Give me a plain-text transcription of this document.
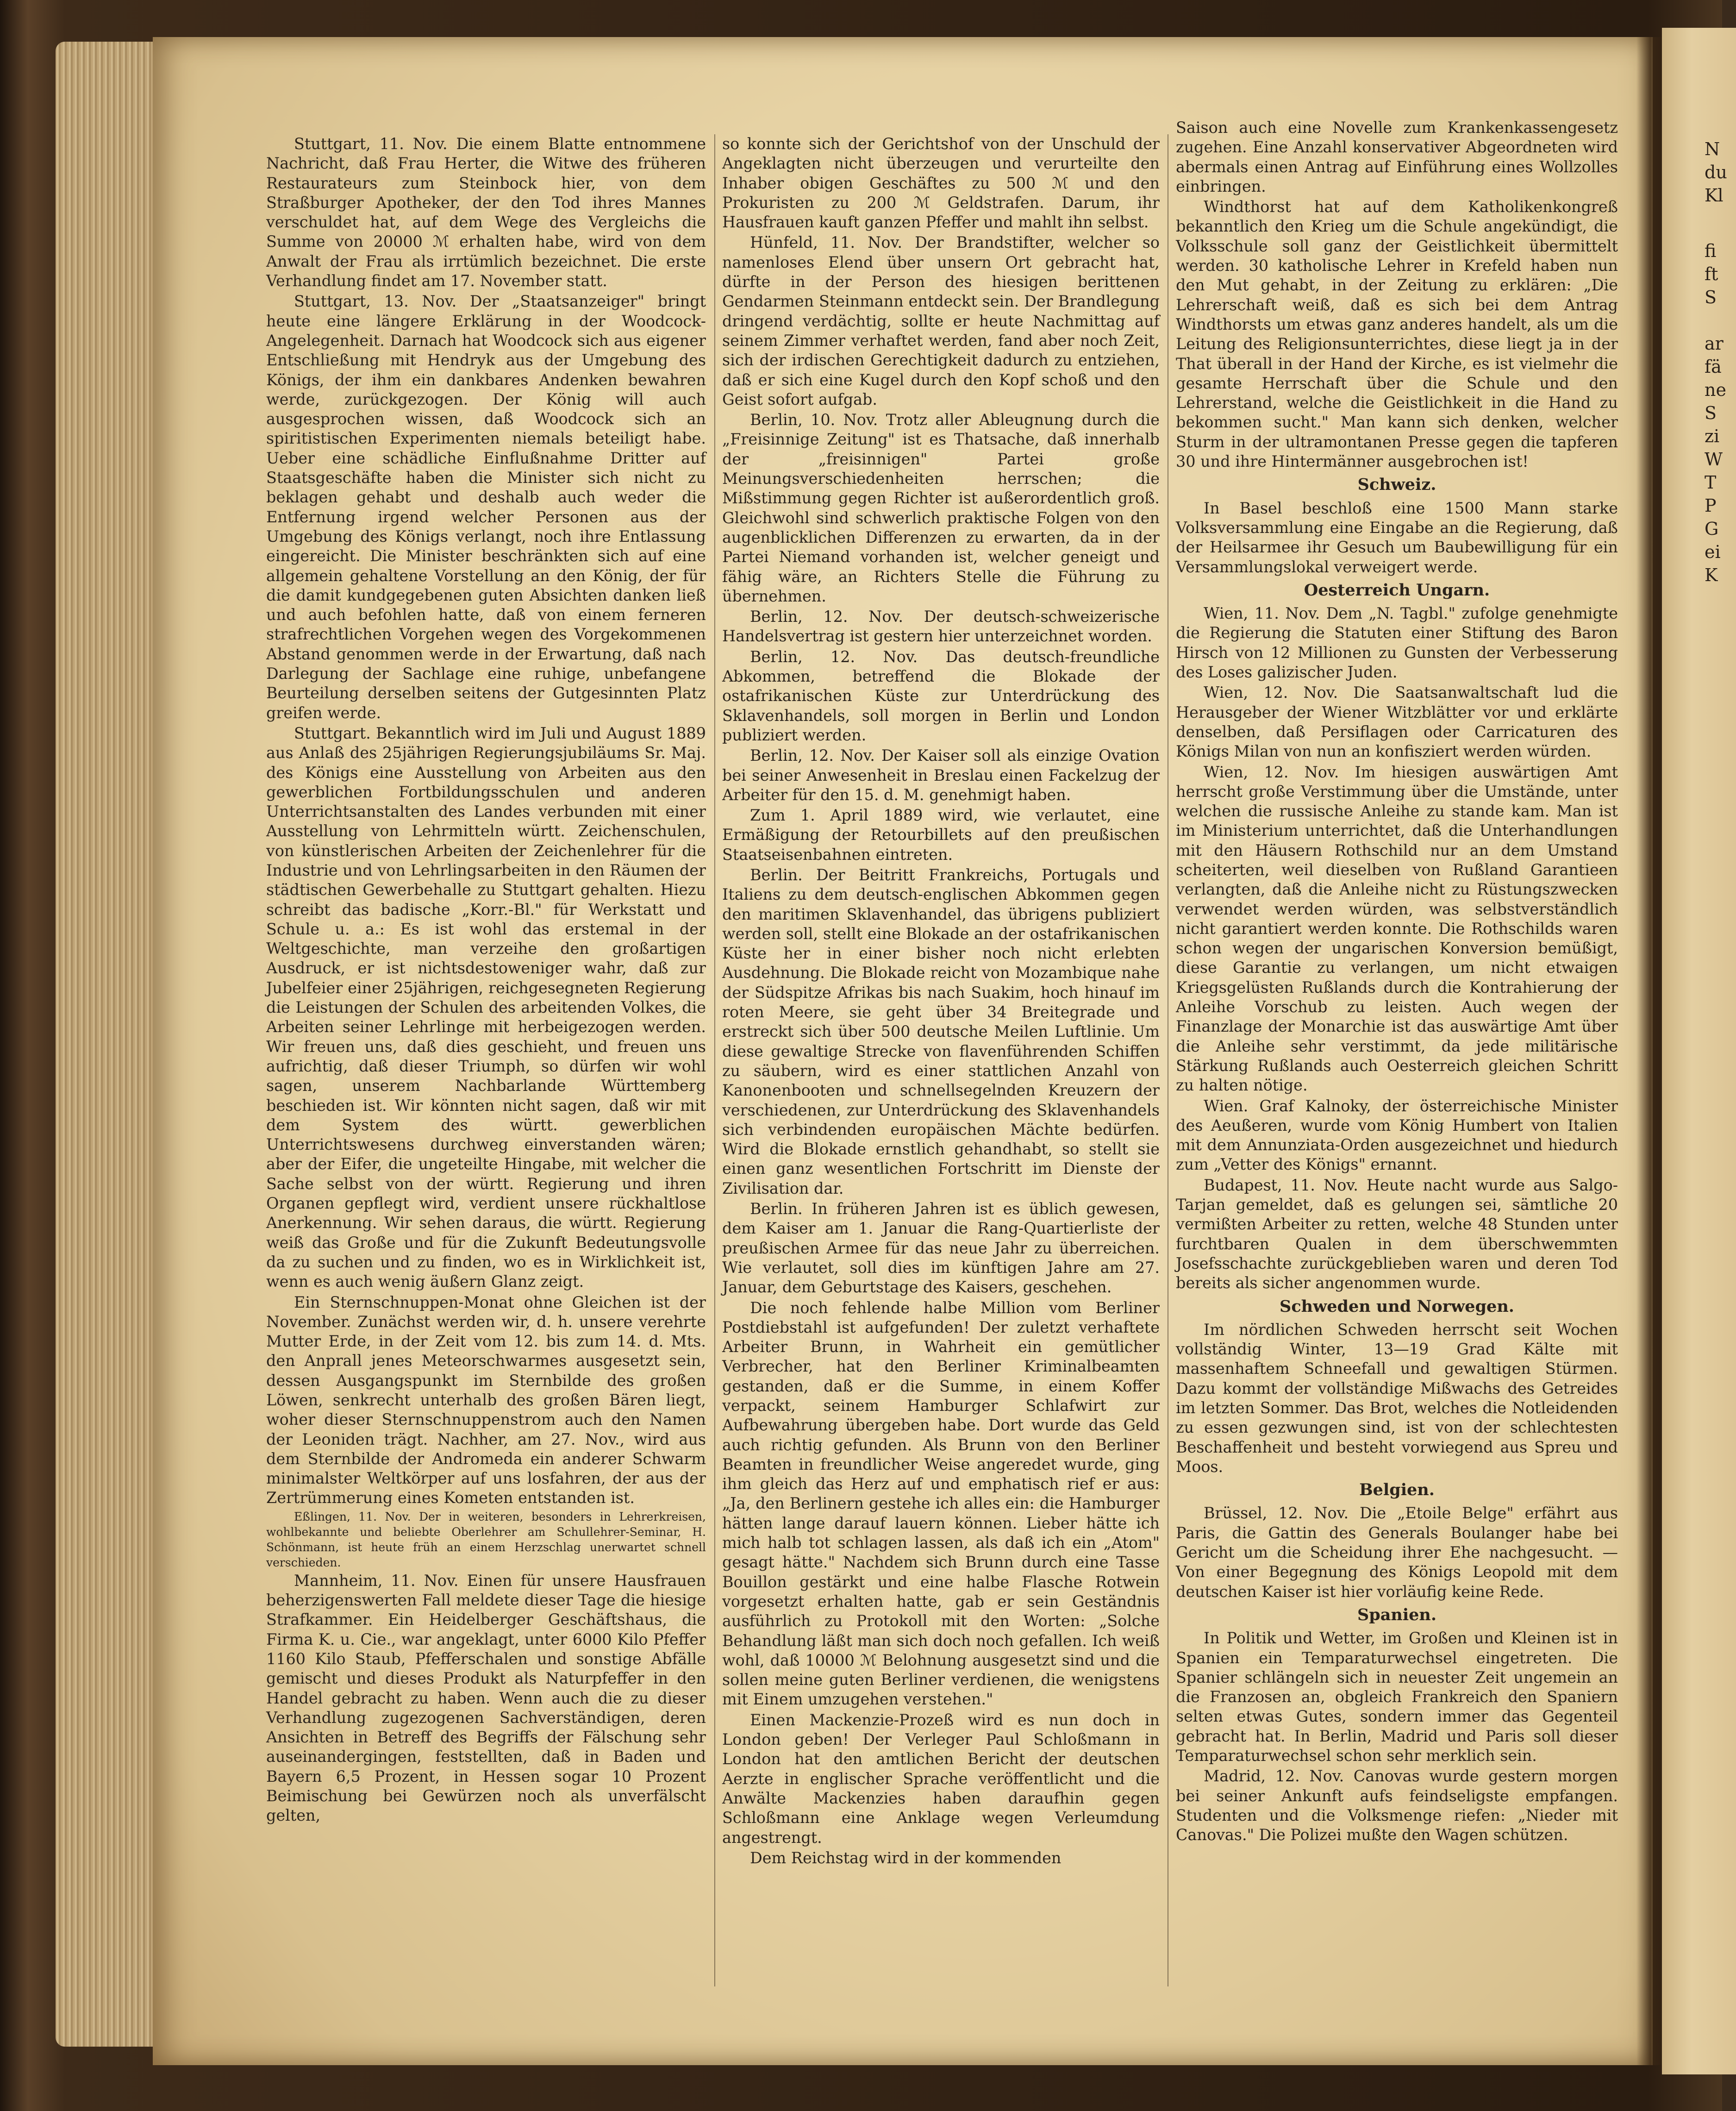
N
du
Kl
fi
ft
S
ar
fä
ne
S
zi
W
T
P
G
ei
K

Stuttgart, 11. Nov. Die einem Blatte entnommene Nachricht, daß Frau Herter, die Witwe des früheren Restaurateurs zum Steinbock hier, von dem Straßburger Apotheker, der den Tod ihres Mannes verschuldet hat, auf dem Wege des Vergleichs die Summe von 20000 ℳ erhalten habe, wird von dem Anwalt der Frau als irrtümlich bezeichnet. Die erste Verhandlung findet am 17. November statt.

Stuttgart, 13. Nov. Der „Staatsanzeiger" bringt heute eine längere Erklärung in der Woodcock-Angelegenheit. Darnach hat Woodcock sich aus eigener Entschließung mit Hendryk aus der Umgebung des Königs, der ihm ein dankbares Andenken bewahren werde, zurückgezogen. Der König will auch ausgesprochen wissen, daß Woodcock sich an spiritistischen Experimenten niemals beteiligt habe. Ueber eine schädliche Einflußnahme Dritter auf Staatsgeschäfte haben die Minister sich nicht zu beklagen gehabt und deshalb auch weder die Entfernung irgend welcher Personen aus der Umgebung des Königs verlangt, noch ihre Entlassung eingereicht. Die Minister beschränkten sich auf eine allgemein gehaltene Vorstellung an den König, der für die damit kundgegebenen guten Absichten danken ließ und auch befohlen hatte, daß von einem ferneren strafrechtlichen Vorgehen wegen des Vorgekommenen Abstand genommen werde in der Erwartung, daß nach Darlegung der Sachlage eine ruhige, unbefangene Beurteilung derselben seitens der Gutgesinnten Platz greifen werde.

Stuttgart. Bekanntlich wird im Juli und August 1889 aus Anlaß des 25jährigen Regierungsjubiläums Sr. Maj. des Königs eine Ausstellung von Arbeiten aus den gewerblichen Fortbildungsschulen und anderen Unterrichtsanstalten des Landes verbunden mit einer Ausstellung von Lehrmitteln württ. Zeichenschulen, von künstlerischen Arbeiten der Zeichenlehrer für die Industrie und von Lehrlingsarbeiten in den Räumen der städtischen Gewerbehalle zu Stuttgart gehalten. Hiezu schreibt das badische „Korr.-Bl." für Werkstatt und Schule u. a.: Es ist wohl das erstemal in der Weltgeschichte, man verzeihe den großartigen Ausdruck, er ist nichtsdestoweniger wahr, daß zur Jubelfeier einer 25jährigen, reichgesegneten Regierung die Leistungen der Schulen des arbeitenden Volkes, die Arbeiten seiner Lehrlinge mit herbeigezogen werden. Wir freuen uns, daß dies geschieht, und freuen uns aufrichtig, daß dieser Triumph, so dürfen wir wohl sagen, unserem Nachbarlande Württemberg beschieden ist. Wir könnten nicht sagen, daß wir mit dem System des württ. gewerblichen Unterrichtswesens durchweg einverstanden wären; aber der Eifer, die ungeteilte Hingabe, mit welcher die Sache selbst von der württ. Regierung und ihren Organen gepflegt wird, verdient unsere rückhaltlose Anerkennung. Wir sehen daraus, die württ. Regierung weiß das Große und für die Zukunft Bedeutungsvolle da zu suchen und zu finden, wo es in Wirklichkeit ist, wenn es auch wenig äußern Glanz zeigt.

Ein Sternschnuppen-Monat ohne Gleichen ist der November. Zunächst werden wir, d. h. unsere verehrte Mutter Erde, in der Zeit vom 12. bis zum 14. d. Mts. den Anprall jenes Meteorschwarmes ausgesetzt sein, dessen Ausgangspunkt im Sternbilde des großen Löwen, senkrecht unterhalb des großen Bären liegt, woher dieser Sternschnuppenstrom auch den Namen der Leoniden trägt. Nachher, am 27. Nov., wird aus dem Sternbilde der Andromeda ein anderer Schwarm minimalster Weltkörper auf uns losfahren, der aus der Zertrümmerung eines Kometen entstanden ist.

Eßlingen, 11. Nov. Der in weiteren, besonders in Lehrerkreisen, wohlbekannte und beliebte Oberlehrer am Schullehrer-Seminar, H. Schönmann, ist heute früh an einem Herzschlag unerwartet schnell verschieden.

Mannheim, 11. Nov. Einen für unsere Hausfrauen beherzigenswerten Fall meldete dieser Tage die hiesige Strafkammer. Ein Heidelberger Geschäftshaus, die Firma K. u. Cie., war angeklagt, unter 6000 Kilo Pfeffer 1160 Kilo Staub, Pfefferschalen und sonstige Abfälle gemischt und dieses Produkt als Naturpfeffer in den Handel gebracht zu haben. Wenn auch die zu dieser Verhandlung zugezogenen Sachverständigen, deren Ansichten in Betreff des Begriffs der Fälschung sehr auseinandergingen, feststellten, daß in Baden und Bayern 6,5 Prozent, in Hessen sogar 10 Prozent Beimischung bei Gewürzen noch als unverfälscht gelten,

so konnte sich der Gerichtshof von der Unschuld der Angeklagten nicht überzeugen und verurteilte den Inhaber obigen Geschäftes zu 500 ℳ und den Prokuristen zu 200 ℳ Geldstrafen. Darum, ihr Hausfrauen kauft ganzen Pfeffer und mahlt ihn selbst.

Hünfeld, 11. Nov. Der Brandstifter, welcher so namenloses Elend über unsern Ort gebracht hat, dürfte in der Person des hiesigen berittenen Gendarmen Steinmann entdeckt sein. Der Brandlegung dringend verdächtig, sollte er heute Nachmittag auf seinem Zimmer verhaftet werden, fand aber noch Zeit, sich der irdischen Gerechtigkeit dadurch zu entziehen, daß er sich eine Kugel durch den Kopf schoß und den Geist sofort aufgab.

Berlin, 10. Nov. Trotz aller Ableugnung durch die „Freisinnige Zeitung" ist es Thatsache, daß innerhalb der „freisinnigen" Partei große Meinungsverschiedenheiten herrschen; die Mißstimmung gegen Richter ist außerordentlich groß. Gleichwohl sind schwerlich praktische Folgen von den augenblicklichen Differenzen zu erwarten, da in der Partei Niemand vorhanden ist, welcher geneigt und fähig wäre, an Richters Stelle die Führung zu übernehmen.

Berlin, 12. Nov. Der deutsch-schweizerische Handelsvertrag ist gestern hier unterzeichnet worden.

Berlin, 12. Nov. Das deutsch-freundliche Abkommen, betreffend die Blokade der ostafrikanischen Küste zur Unterdrückung des Sklavenhandels, soll morgen in Berlin und London publiziert werden.

Berlin, 12. Nov. Der Kaiser soll als einzige Ovation bei seiner Anwesenheit in Breslau einen Fackelzug der Arbeiter für den 15. d. M. genehmigt haben.

Zum 1. April 1889 wird, wie verlautet, eine Ermäßigung der Retourbillets auf den preußischen Staatseisenbahnen eintreten.

Berlin. Der Beitritt Frankreichs, Portugals und Italiens zu dem deutsch-englischen Abkommen gegen den maritimen Sklavenhandel, das übrigens publiziert werden soll, stellt eine Blokade an der ostafrikanischen Küste her in einer bisher noch nicht erlebten Ausdehnung. Die Blokade reicht von Mozambique nahe der Südspitze Afrikas bis nach Suakim, hoch hinauf im roten Meere, sie geht über 34 Breitegrade und erstreckt sich über 500 deutsche Meilen Luftlinie. Um diese gewaltige Strecke von flavenführenden Schiffen zu säubern, wird es einer stattlichen Anzahl von Kanonenbooten und schnellsegelnden Kreuzern der verschiedenen, zur Unterdrückung des Sklavenhandels sich verbindenden europäischen Mächte bedürfen. Wird die Blokade ernstlich gehandhabt, so stellt sie einen ganz wesentlichen Fortschritt im Dienste der Zivilisation dar.

Berlin. In früheren Jahren ist es üblich gewesen, dem Kaiser am 1. Januar die Rang-Quartierliste der preußischen Armee für das neue Jahr zu überreichen. Wie verlautet, soll dies im künftigen Jahre am 27. Januar, dem Geburtstage des Kaisers, geschehen.

Die noch fehlende halbe Million vom Berliner Postdiebstahl ist aufgefunden! Der zuletzt verhaftete Arbeiter Brunn, in Wahrheit ein gemütlicher Verbrecher, hat den Berliner Kriminalbeamten gestanden, daß er die Summe, in einem Koffer verpackt, seinem Hamburger Schlafwirt zur Aufbewahrung übergeben habe. Dort wurde das Geld auch richtig gefunden. Als Brunn von den Berliner Beamten in freundlicher Weise angeredet wurde, ging ihm gleich das Herz auf und emphatisch rief er aus: „Ja, den Berlinern gestehe ich alles ein: die Hamburger hätten lange darauf lauern können. Lieber hätte ich mich halb tot schlagen lassen, als daß ich ein „Atom" gesagt hätte." Nachdem sich Brunn durch eine Tasse Bouillon gestärkt und eine halbe Flasche Rotwein vorgesetzt erhalten hatte, gab er sein Geständnis ausführlich zu Protokoll mit den Worten: „Solche Behandlung läßt man sich doch noch gefallen. Ich weiß wohl, daß 10000 ℳ Belohnung ausgesetzt sind und die sollen meine guten Berliner verdienen, die wenigstens mit Einem umzugehen verstehen."

Einen Mackenzie-Prozeß wird es nun doch in London geben! Der Verleger Paul Schloßmann in London hat den amtlichen Bericht der deutschen Aerzte in englischer Sprache veröffentlicht und die Anwälte Mackenzies haben daraufhin gegen Schloßmann eine Anklage wegen Verleumdung angestrengt.

Dem Reichstag wird in der kommenden

Saison auch eine Novelle zum Krankenkassengesetz zugehen. Eine Anzahl konservativer Abgeordneten wird abermals einen Antrag auf Einführung eines Wollzolles einbringen.

Windthorst hat auf dem Katholikenkongreß bekanntlich den Krieg um die Schule angekündigt, die Volksschule soll ganz der Geistlichkeit übermittelt werden. 30 katholische Lehrer in Krefeld haben nun den Mut gehabt, in der Zeitung zu erklären: „Die Lehrerschaft weiß, daß es sich bei dem Antrag Windthorsts um etwas ganz anderes handelt, als um die Leitung des Religionsunterrichtes, diese liegt ja in der That überall in der Hand der Kirche, es ist vielmehr die gesamte Herrschaft über die Schule und den Lehrerstand, welche die Geistlichkeit in die Hand zu bekommen sucht." Man kann sich denken, welcher Sturm in der ultramontanen Presse gegen die tapferen 30 und ihre Hintermänner ausgebrochen ist!

Schweiz.

In Basel beschloß eine 1500 Mann starke Volksversammlung eine Eingabe an die Regierung, daß der Heilsarmee ihr Gesuch um Baubewilligung für ein Versammlungslokal verweigert werde.

Oesterreich Ungarn.

Wien, 11. Nov. Dem „N. Tagbl." zufolge genehmigte die Regierung die Statuten einer Stiftung des Baron Hirsch von 12 Millionen zu Gunsten der Verbesserung des Loses galizischer Juden.

Wien, 12. Nov. Die Saatsanwaltschaft lud die Herausgeber der Wiener Witzblätter vor und erklärte denselben, daß Persiflagen oder Carricaturen des Königs Milan von nun an konfisziert werden würden.

Wien, 12. Nov. Im hiesigen auswärtigen Amt herrscht große Verstimmung über die Umstände, unter welchen die russische Anleihe zu stande kam. Man ist im Ministerium unterrichtet, daß die Unterhandlungen mit den Häusern Rothschild nur an dem Umstand scheiterten, weil dieselben von Rußland Garantieen verlangten, daß die Anleihe nicht zu Rüstungszwecken verwendet werden würden, was selbstverständlich nicht garantiert werden konnte. Die Rothschilds waren schon wegen der ungarischen Konversion bemüßigt, diese Garantie zu verlangen, um nicht etwaigen Kriegsgelüsten Rußlands durch die Kontrahierung der Anleihe Vorschub zu leisten. Auch wegen der Finanzlage der Monarchie ist das auswärtige Amt über die Anleihe sehr verstimmt, da jede militärische Stärkung Rußlands auch Oesterreich gleichen Schritt zu halten nötige.

Wien. Graf Kalnoky, der österreichische Minister des Aeußeren, wurde vom König Humbert von Italien mit dem Annunziata-Orden ausgezeichnet und hiedurch zum „Vetter des Königs" ernannt.

Budapest, 11. Nov. Heute nacht wurde aus Salgo-Tarjan gemeldet, daß es gelungen sei, sämtliche 20 vermißten Arbeiter zu retten, welche 48 Stunden unter furchtbaren Qualen in dem überschwemmten Josefsschachte zurückgeblieben waren und deren Tod bereits als sicher angenommen wurde.

Schweden und Norwegen.

Im nördlichen Schweden herrscht seit Wochen vollständig Winter, 13—19 Grad Kälte mit massenhaftem Schneefall und gewaltigen Stürmen. Dazu kommt der vollständige Mißwachs des Getreides im letzten Sommer. Das Brot, welches die Notleidenden zu essen gezwungen sind, ist von der schlechtesten Beschaffenheit und besteht vorwiegend aus Spreu und Moos.

Belgien.

Brüssel, 12. Nov. Die „Etoile Belge" erfährt aus Paris, die Gattin des Generals Boulanger habe bei Gericht um die Scheidung ihrer Ehe nachgesucht. — Von einer Begegnung des Königs Leopold mit dem deutschen Kaiser ist hier vorläufig keine Rede.

Spanien.

In Politik und Wetter, im Großen und Kleinen ist in Spanien ein Temparaturwechsel eingetreten. Die Spanier schlängeln sich in neuester Zeit ungemein an die Franzosen an, obgleich Frankreich den Spaniern selten etwas Gutes, sondern immer das Gegenteil gebracht hat. In Berlin, Madrid und Paris soll dieser Temparaturwechsel schon sehr merklich sein.

Madrid, 12. Nov. Canovas wurde gestern morgen bei seiner Ankunft aufs feindseligste empfangen. Studenten und die Volksmenge riefen: „Nieder mit Canovas." Die Polizei mußte den Wagen schützen.
